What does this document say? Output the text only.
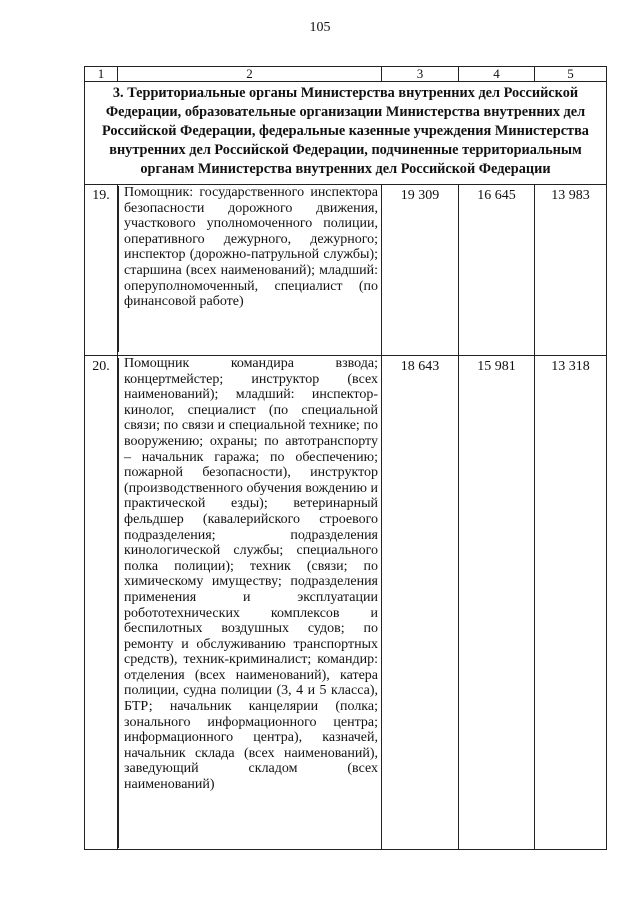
105
1	2	3	4	5
3. Территориальные органы Министерства внутренних дел Российской Федерации, образовательные организации Министерства внутренних дел Российской Федерации, федеральные казенные учреждения Министерства внутренних дел Российской Федерации, подчиненные территориальным органам Министерства внутренних дел Российской Федерации				
19.	Помощник: государственного инспектора безопасности дорожного движения, участкового уполномоченного полиции, оперативного дежурного, дежурного; инспектор (дорожно-патрульной службы); старшина (всех наименований); младший: оперуполномоченный, специалист (по финансовой работе)	19 309	16 645	13 983
20.	Помощник командира взвода; концертмейстер; инструктор (всех наименований); младший: инспектор-кинолог, специалист (по специальной связи; по связи и специальной технике; по вооружению; охраны; по автотранспорту – начальник гаража; по обеспечению; пожарной безопасности), инструктор (производственного обучения вождению и практической езды); ветеринарный фельдшер (кавалерийского строевого подразделения; подразделения кинологической службы; специального полка полиции); техник (связи; по химическому имуществу; подразделения применения и эксплуатации робототехнических комплексов и беспилотных воздушных судов; по ремонту и обслуживанию транспортных средств), техник-криминалист; командир: отделения (всех наименований), катера полиции, судна полиции (3, 4 и 5 класса), БТР; начальник канцелярии (полка; зонального информационного центра; информационного центра), казначей, начальник склада (всех наименований), заведующий складом (всех наименований)	18 643	15 981	13 318
